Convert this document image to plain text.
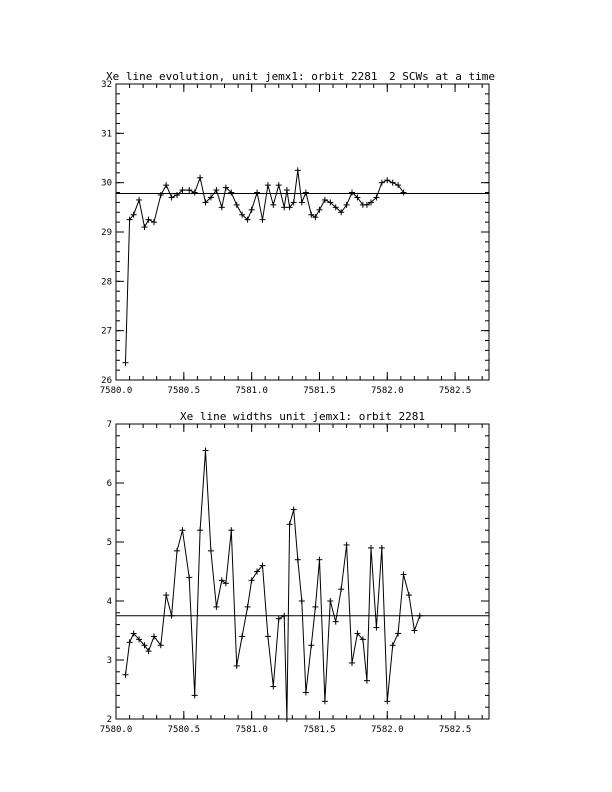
Xe line evolution, unit jemx1: orbit 2281 2 SCWs at a time
7580.0	7580.5	7581.0	7581.5	7582.0	7582.5
26
27
28
29
30
31
32
Xe line widths unit jemx1: orbit 2281
7580.0	7580.5	7581.0	7581.5	7582.0	7582.5
2
3
4
5
6
7
